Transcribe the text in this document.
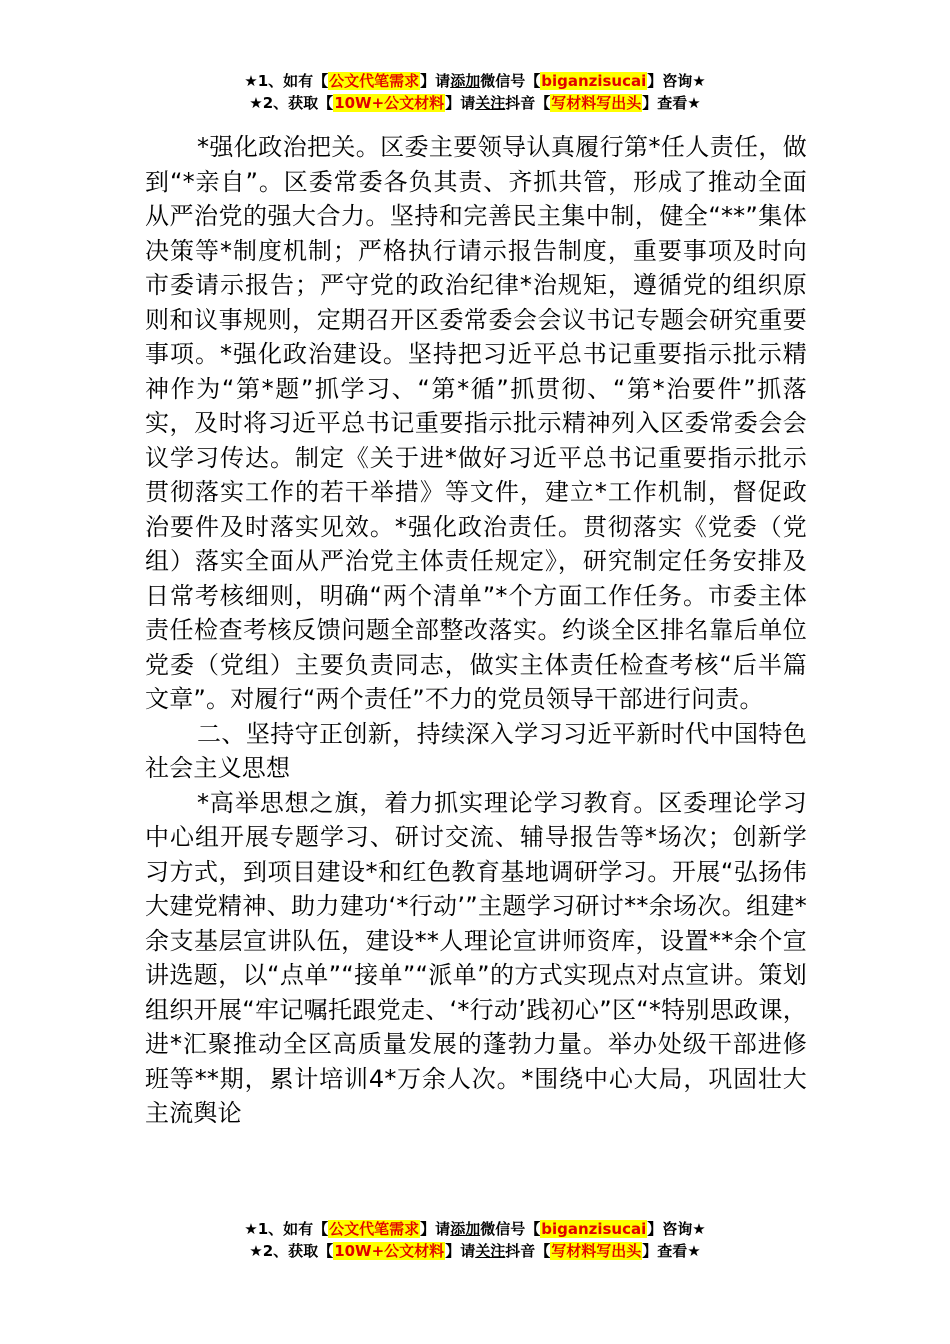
★1、如有【公文代笔需求】请添加微信号【biganzisucai】咨询★
★2、获取【10W+公文材料】请关注抖音【写材料写出头】查看★

*强化政治把关。区委主要领导认真履行第*任人责任，做到“*亲自”。区委常委各负其责、齐抓共管，形成了推动全面从严治党的强大合力。坚持和完善民主集中制，健全“**”集体决策等*制度机制；严格执行请示报告制度，重要事项及时向市委请示报告；严守党的政治纪律*治规矩，遵循党的组织原则和议事规则，定期召开区委常委会会议书记专题会研究重要事项。*强化政治建设。坚持把习近平总书记重要指示批示精神作为“第*题”抓学习、“第*循”抓贯彻、“第*治要件”抓落实，及时将习近平总书记重要指示批示精神列入区委常委会会议学习传达。制定《关于进*做好习近平总书记重要指示批示贯彻落实工作的若干举措》等文件，建立*工作机制，督促政治要件及时落实见效。*强化政治责任。贯彻落实《党委（党组）落实全面从严治党主体责任规定》，研究制定任务安排及日常考核细则，明确“两个清单”*个方面工作任务。市委主体责任检查考核反馈问题全部整改落实。约谈全区排名靠后单位党委（党组）主要负责同志，做实主体责任检查考核“后半篇文章”。对履行“两个责任”不力的党员领导干部进行问责。

二、坚持守正创新，持续深入学习习近平新时代中国特色社会主义思想

*高举思想之旗，着力抓实理论学习教育。区委理论学习中心组开展专题学习、研讨交流、辅导报告等*场次；创新学习方式，到项目建设*和红色教育基地调研学习。开展“弘扬伟大建党精神、助力建功‘*行动’”主题学习研讨**余场次。组建*余支基层宣讲队伍，建设**人理论宣讲师资库，设置**余个宣讲选题，以“点单”“接单”“派单”的方式实现点对点宣讲。策划组织开展“牢记嘱托跟党走、‘*行动’践初心”区“*特别思政课，进*汇聚推动全区高质量发展的蓬勃力量。举办处级干部进修班等**期，累计培训4*万余人次。*围绕中心大局，巩固壮大主流舆论

★1、如有【公文代笔需求】请添加微信号【biganzisucai】咨询★
★2、获取【10W+公文材料】请关注抖音【写材料写出头】查看★
